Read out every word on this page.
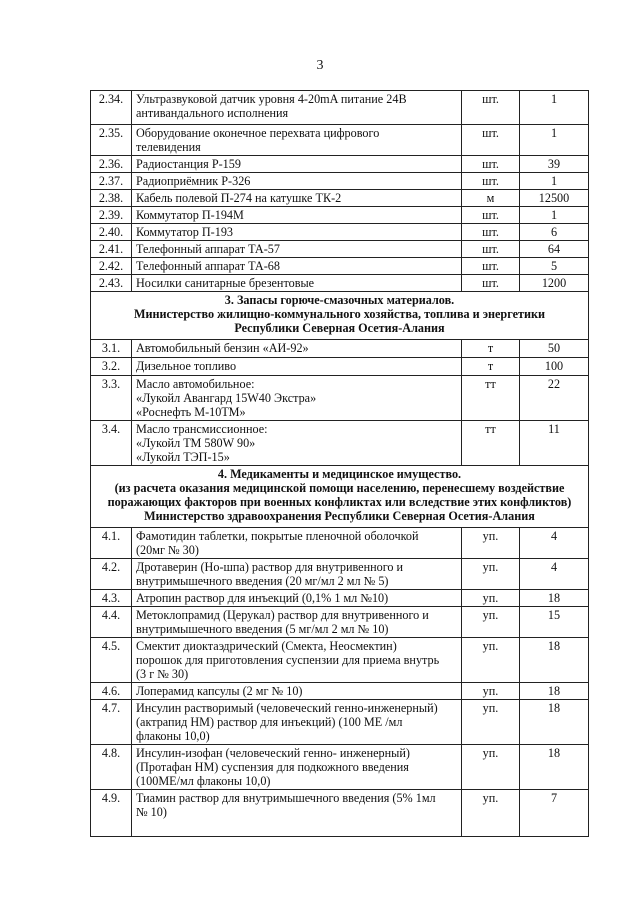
3
2.34.	Ультразвуковой датчик уровня 4-20mA питание 24В
антивандального исполнения	шт.	1
2.35.	Оборудование оконечное перехвата цифрового
телевидения	шт.	1
2.36.	Радиостанция Р-159	шт.	39
2.37.	Радиоприёмник Р-326	шт.	1
2.38.	Кабель полевой П-274 на катушке ТК-2	м	12500
2.39.	Коммутатор П-194М	шт.	1
2.40.	Коммутатор П-193	шт.	6
2.41.	Телефонный аппарат ТА-57	шт.	64
2.42.	Телефонный аппарат ТА-68	шт.	5
2.43.	Носилки санитарные брезентовые	шт.	1200

3. Запасы горюче-смазочных материалов.
Министерство жилищно-коммунального хозяйства, топлива и энергетики
Республики Северная Осетия-Алания			

3.1.	Автомобильный бензин «АИ-92»	т	50
3.2.	Дизельное топливо	т	100
3.3.	Масло автомобильное:
«Лукойл Авангард 15W40 Экстра»
«Роснефть М-10ТМ»	тт	22
3.4.	Масло трансмиссионное:
«Лукойл ТМ 580W 90»
«Лукойл ТЭП-15»	тт	11

4. Медикаменты и медицинское имущество.
(из расчета оказания медицинской помощи населению, перенесшему воздействие
поражающих факторов при военных конфликтах или вследствие этих конфликтов)
Министерство здравоохранения Республики Северная Осетия-Алания			

4.1.	Фамотидин таблетки, покрытые пленочной оболочкой
(20мг № 30)	уп.	4
4.2.	Дротаверин (Но-шпа) раствор для внутривенного и
внутримышечного введения (20 мг/мл 2 мл № 5)	уп.	4
4.3.	Атропин раствор для инъекций (0,1% 1 мл №10)	уп.	18
4.4.	Метоклопрамид (Церукал) раствор для внутривенного и
внутримышечного введения (5 мг/мл 2 мл № 10)	уп.	15
4.5.	Смектит диоктаэдрический (Смекта, Неосмектин)
порошок для приготовления суспензии для приема внутрь
(3 г № 30)	уп.	18
4.6.	Лоперамид капсулы (2 мг № 10)	уп.	18
4.7.	Инсулин растворимый (человеческий генно-инженерный)
(актрапид НМ) раствор для инъекций) (100 МЕ /мл
флаконы 10,0)	уп.	18
4.8.	Инсулин-изофан (человеческий генно- инженерный)
(Протафан НМ) суспензия для подкожного введения
(100МЕ/мл флаконы 10,0)	уп.	18
4.9.	Тиамин раствор для внутримышечного введения (5% 1мл
№ 10)	уп.	7
